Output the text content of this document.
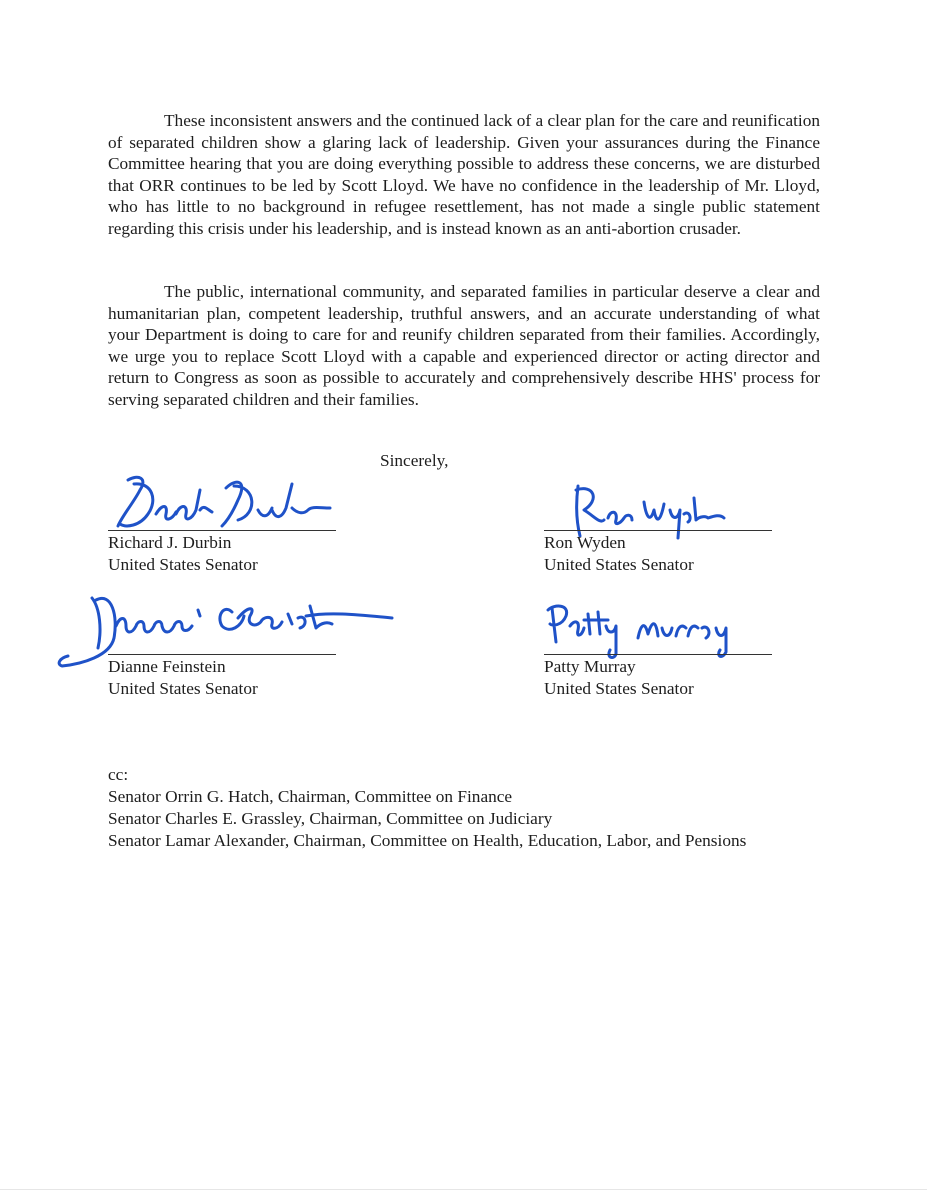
These inconsistent answers and the continued lack of a clear plan for the care and reunification of separated children show a glaring lack of leadership. Given your assurances during the Finance Committee hearing that you are doing everything possible to address these concerns, we are disturbed that ORR continues to be led by Scott Lloyd. We have no confidence in the leadership of Mr. Lloyd, who has little to no background in refugee resettlement, has not made a single public statement regarding this crisis under his leadership, and is instead known as an anti-abortion crusader.

The public, international community, and separated families in particular deserve a clear and humanitarian plan, competent leadership, truthful answers, and an accurate understanding of what your Department is doing to care for and reunify children separated from their families. Accordingly, we urge you to replace Scott Lloyd with a capable and experienced director or acting director and return to Congress as soon as possible to accurately and comprehensively describe HHS' process for serving separated children and their families.

Sincerely,
Richard J. Durbin
United States Senator
Ron Wyden
United States Senator
Dianne Feinstein
United States Senator
Patty Murray
United States Senator
cc:
Senator Orrin G. Hatch, Chairman, Committee on Finance
Senator Charles E. Grassley, Chairman, Committee on Judiciary
Senator Lamar Alexander, Chairman, Committee on Health, Education, Labor, and Pensions
